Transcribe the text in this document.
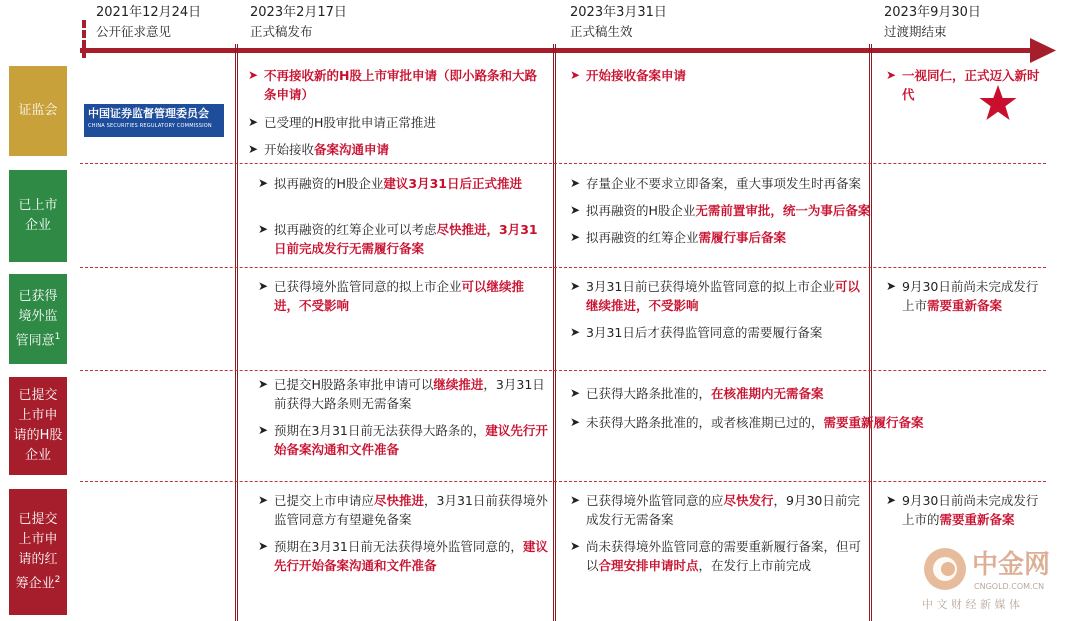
2021年12月24日
公开征求意见
2023年2月17日
正式稿发布
2023年3月31日
正式稿生效
2023年9月30日
过渡期结束
证监会
已上市
企业
已获得
境外监
管同意$^1$
已提交
上市申
请的H股
企业
已提交
上市申
请的红
筹企业$^2$
中国证券监督管理委员会
CHINA SECURITIES REGULATORY COMMISSION
➤ 不再接收新的H股上市审批申请（即小路条和大路条申请）
➤ 已受理的H股审批申请正常推进
➤ 开始接收备案沟通申请
➤ 开始接收备案申请	➤ 一视同仁，正式迈入新时代
➤ 拟再融资的H股企业建议3月31日后正式推进
➤ 拟再融资的红筹企业可以考虑尽快推进，3月31日前完成发行无需履行备案
➤ 存量企业不要求立即备案，重大事项发生时再备案
➤ 拟再融资的H股企业无需前置审批，统一为事后备案
➤ 拟再融资的红筹企业需履行事后备案
➤ 已获得境外监管同意的拟上市企业可以继续推进，不受影响
➤ 3月31日前已获得境外监管同意的拟上市企业可以继续推进，不受影响
➤ 3月31日后才获得监管同意的需要履行备案
➤ 9月30日前尚未完成发行上市需要重新备案
➤ 已提交H股路条审批申请可以继续推进，3月31日前获得大路条则无需备案
➤ 预期在3月31日前无法获得大路条的，建议先行开始备案沟通和文件准备
➤ 已获得大路条批准的，在核准期内无需备案
➤ 未获得大路条批准的，或者核准期已过的，需要重新履行备案
➤ 已提交上市申请应尽快推进，3月31日前获得境外监管同意方有望避免备案
➤ 预期在3月31日前无法获得境外监管同意的，建议先行开始备案沟通和文件准备
➤ 已获得境外监管同意的应尽快发行，9月30日前完成发行无需备案
➤ 尚未获得境外监管同意的需要重新履行备案，但可以合理安排申请时点，在发行上市前完成
➤ 9月30日前尚未完成发行上市的需要重新备案
中金网
CNGOLD.COM.CN
中 文 财 经 新 媒 体
